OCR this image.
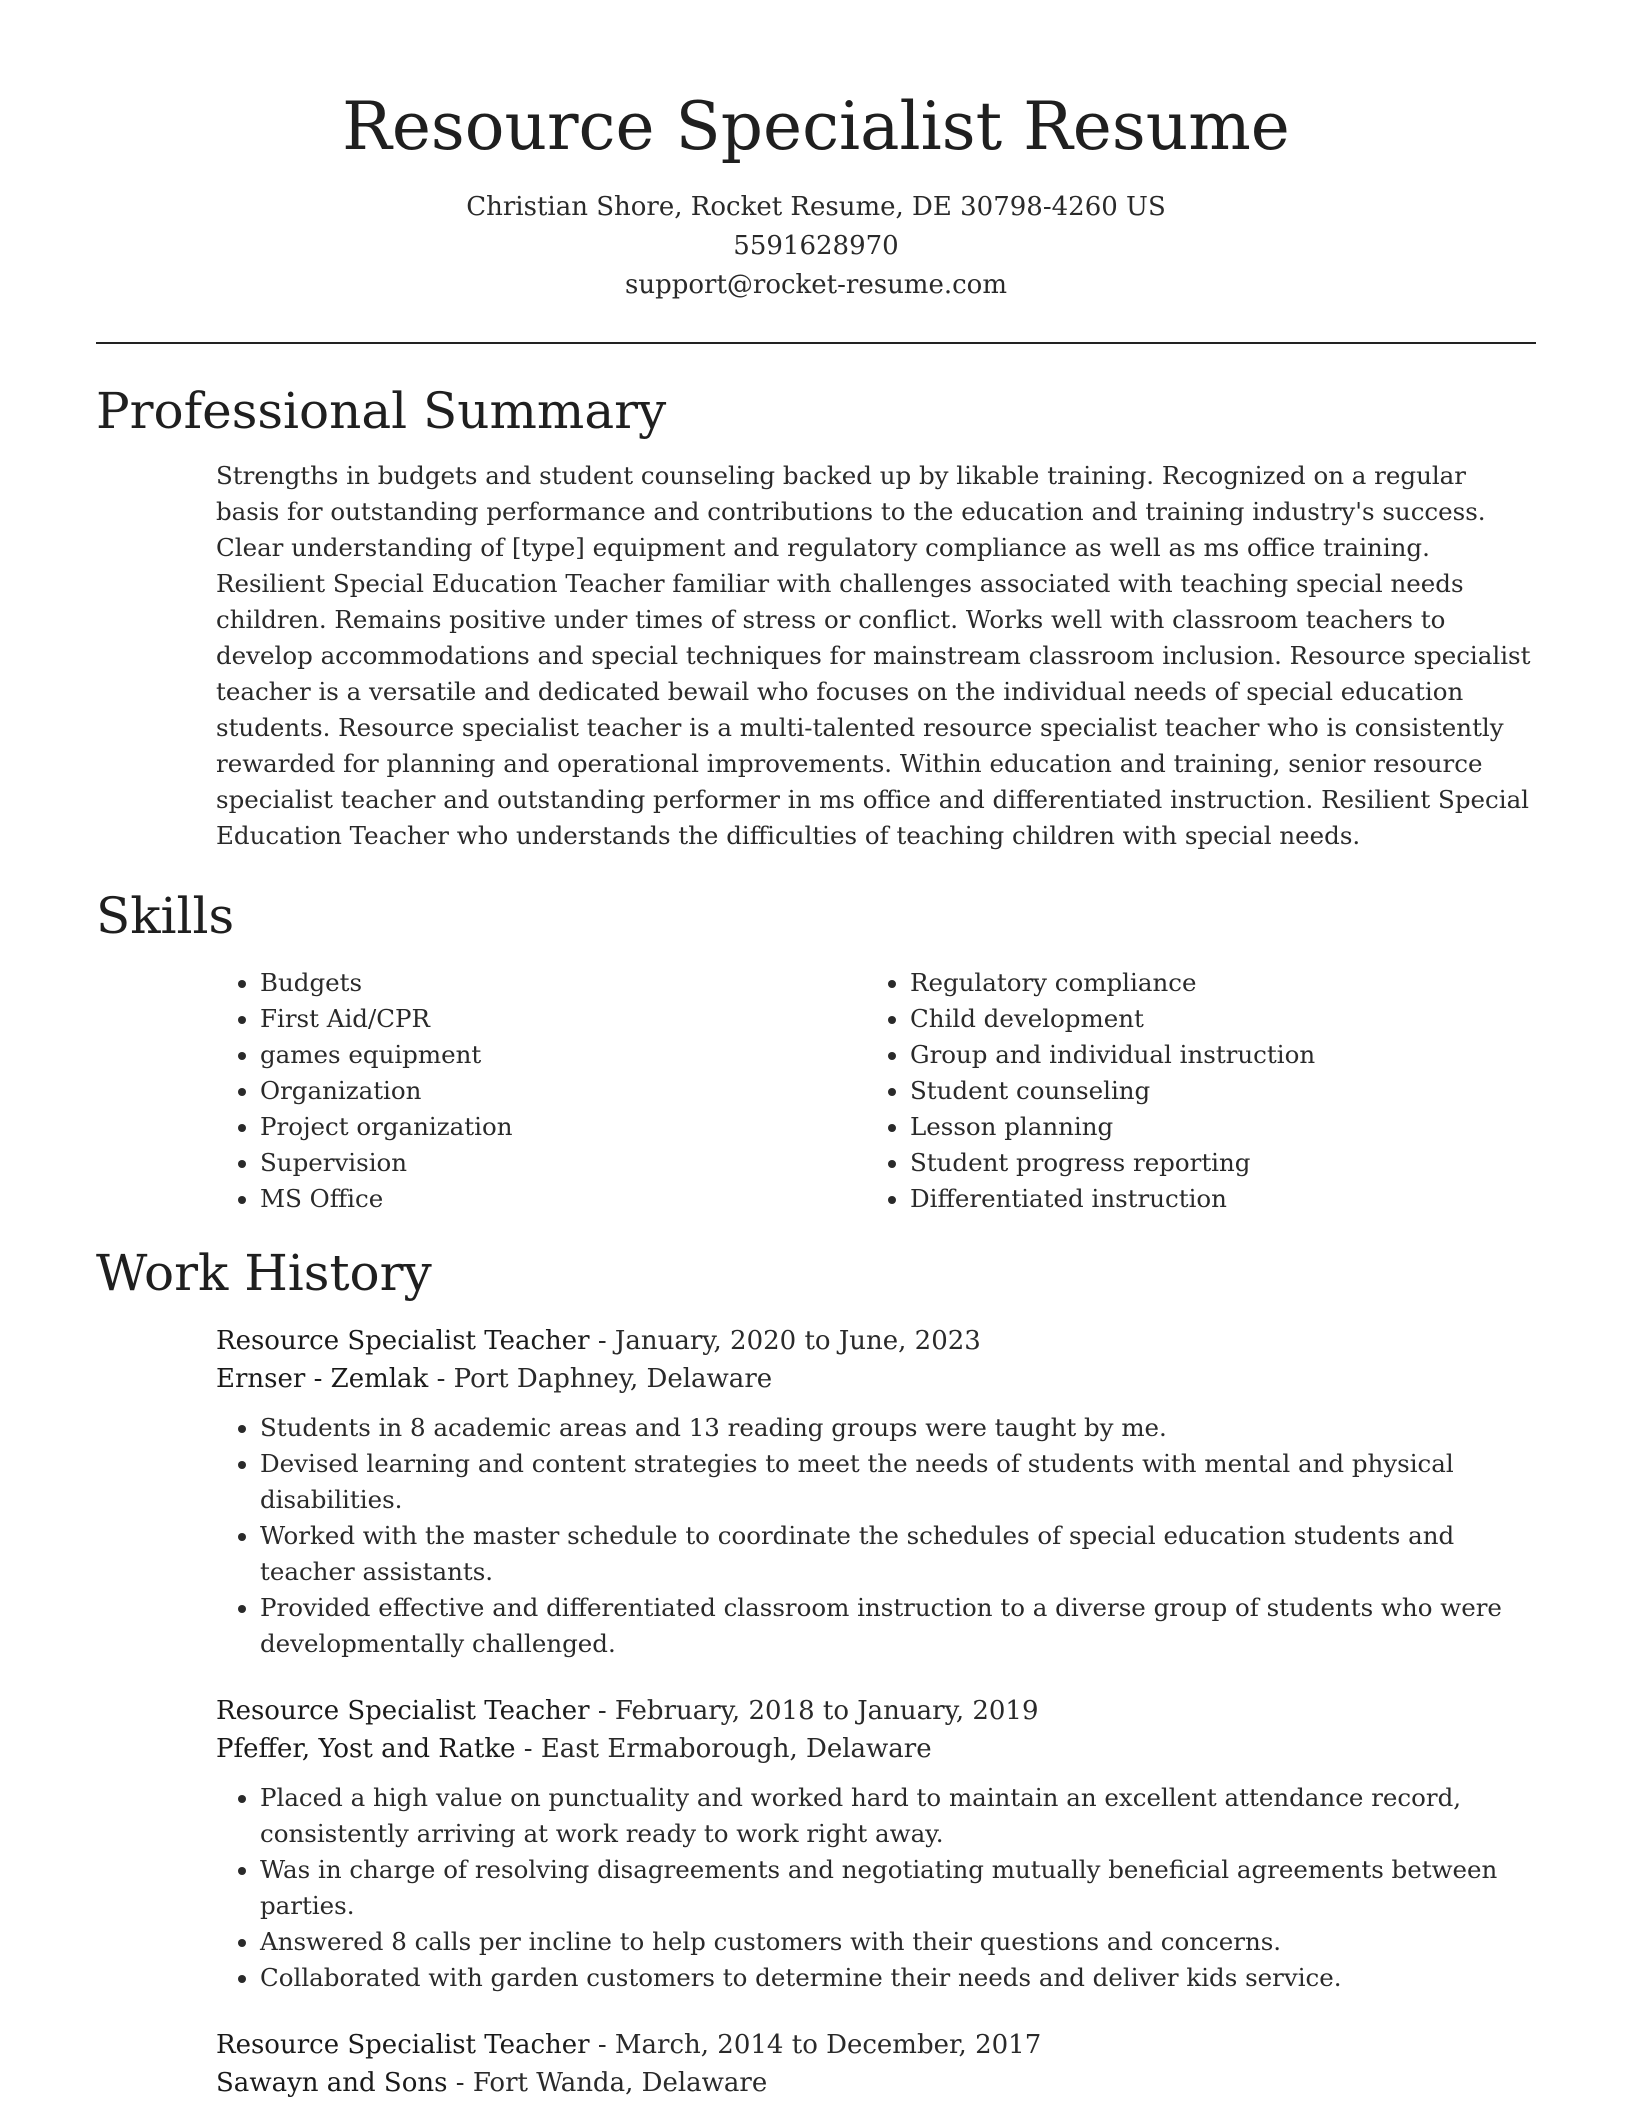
Resource Specialist Resume
Christian Shore, Rocket Resume, DE 30798-4260 US
5591628970
support@rocket-resume.com
Professional Summary
Strengths in budgets and student counseling backed up by likable training. Recognized on a regular basis for outstanding performance and contributions to the education and training industry's success. Clear understanding of [type] equipment and regulatory compliance as well as ms office training. Resilient Special Education Teacher familiar with challenges associated with teaching special needs children. Remains positive under times of stress or conflict. Works well with classroom teachers to develop accommodations and special techniques for mainstream classroom inclusion. Resource specialist teacher is a versatile and dedicated bewail who focuses on the individual needs of special education students. Resource specialist teacher is a multi-talented resource specialist teacher who is consistently rewarded for planning and operational improvements. Within education and training, senior resource specialist teacher and outstanding performer in ms office and differentiated instruction. Resilient Special Education Teacher who understands the difficulties of teaching children with special needs.
Skills
• Budgets
• First Aid/CPR
• games equipment
• Organization
• Project organization
• Supervision
• MS Office
• Regulatory compliance
• Child development
• Group and individual instruction
• Student counseling
• Lesson planning
• Student progress reporting
• Differentiated instruction
Work History
Resource Specialist Teacher - January, 2020 to June, 2023
Ernser - Zemlak - Port Daphney, Delaware
• Students in 8 academic areas and 13 reading groups were taught by me.
• Devised learning and content strategies to meet the needs of students with mental and physical disabilities.
• Worked with the master schedule to coordinate the schedules of special education students and teacher assistants.
• Provided effective and differentiated classroom instruction to a diverse group of students who were developmentally challenged.
Resource Specialist Teacher - February, 2018 to January, 2019
Pfeffer, Yost and Ratke - East Ermaborough, Delaware
• Placed a high value on punctuality and worked hard to maintain an excellent attendance record, consistently arriving at work ready to work right away.
• Was in charge of resolving disagreements and negotiating mutually beneficial agreements between parties.
• Answered 8 calls per incline to help customers with their questions and concerns.
• Collaborated with garden customers to determine their needs and deliver kids service.
Resource Specialist Teacher - March, 2014 to December, 2017
Sawayn and Sons - Fort Wanda, Delaware
